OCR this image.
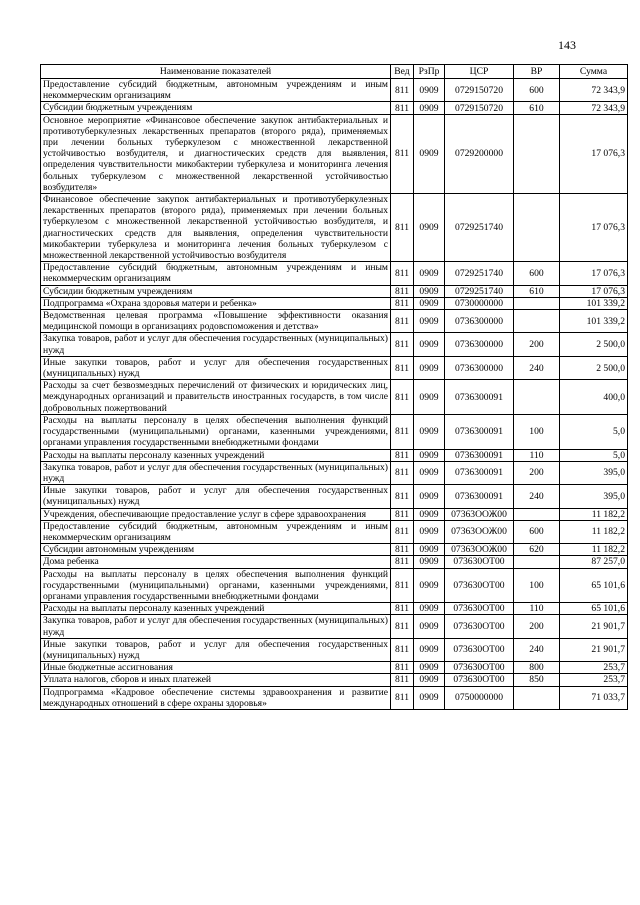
143
Наименование показателей	Вед	РзПр	ЦСР	ВР	Сумма
Предоставление субсидий бюджетным, автономным учреждениям и иным некоммерческим организациям	811	0909	0729150720	600	72 343,9
Субсидии бюджетным учреждениям	811	0909	0729150720	610	72 343,9
Основное мероприятие «Финансовое обеспечение закупок антибактериальных и противотуберкулезных лекарственных препаратов (второго ряда), применяемых при лечении больных туберкулезом с множественной лекарственной устойчивостью возбудителя, и диагностических средств для выявления, определения чувствительности микобактерии туберкулеза и мониторинга лечения больных туберкулезом с множественной лекарственной устойчивостью возбудителя»	811	0909	0729200000		17 076,3
Финансовое обеспечение закупок антибактериальных и противотуберкулезных лекарственных препаратов (второго ряда), применяемых при лечении больных туберкулезом с множественной лекарственной устойчивостью возбудителя, и диагностических средств для выявления, определения чувствительности микобактерии туберкулеза и мониторинга лечения больных туберкулезом с множественной лекарственной устойчивостью возбудителя	811	0909	0729251740		17 076,3
Предоставление субсидий бюджетным, автономным учреждениям и иным некоммерческим организациям	811	0909	0729251740	600	17 076,3
Субсидии бюджетным учреждениям	811	0909	0729251740	610	17 076,3
Подпрограмма «Охрана здоровья матери и ребенка»	811	0909	0730000000		101 339,2
Ведомственная целевая программа «Повышение эффективности оказания медицинской помощи в организациях родовспоможения и детства»	811	0909	0736300000		101 339,2
Закупка товаров, работ и услуг для обеспечения государственных (муниципальных) нужд	811	0909	0736300000	200	2 500,0
Иные закупки товаров, работ и услуг для обеспечения государственных (муниципальных) нужд	811	0909	0736300000	240	2 500,0
Расходы за счет безвозмездных перечислений от физических и юридических лиц, международных организаций и правительств иностранных государств, в том числе добровольных пожертвований	811	0909	0736300091		400,0
Расходы на выплаты персоналу в целях обеспечения выполнения функций государственными (муниципальными) органами, казенными учреждениями, органами управления государственными внебюджетными фондами	811	0909	0736300091	100	5,0
Расходы на выплаты персоналу казенных учреждений	811	0909	0736300091	110	5,0
Закупка товаров, работ и услуг для обеспечения государственных (муниципальных) нужд	811	0909	0736300091	200	395,0
Иные закупки товаров, работ и услуг для обеспечения государственных (муниципальных) нужд	811	0909	0736300091	240	395,0
Учреждения, обеспечивающие предоставление услуг в сфере здравоохранения	811	0909	07363ООЖ00		11 182,2
Предоставление субсидий бюджетным, автономным учреждениям и иным некоммерческим организациям	811	0909	07363ООЖ00	600	11 182,2
Субсидии автономным учреждениям	811	0909	07363ООЖ00	620	11 182,2
Дома ребенка	811	0909	073630ОТ00		87 257,0
Расходы на выплаты персоналу в целях обеспечения выполнения функций государственными (муниципальными) органами, казенными учреждениями, органами управления государственными внебюджетными фондами	811	0909	073630ОТ00	100	65 101,6
Расходы на выплаты персоналу казенных учреждений	811	0909	073630ОТ00	110	65 101,6
Закупка товаров, работ и услуг для обеспечения государственных (муниципальных) нужд	811	0909	073630ОТ00	200	21 901,7
Иные закупки товаров, работ и услуг для обеспечения государственных (муниципальных) нужд	811	0909	073630ОТ00	240	21 901,7
Иные бюджетные ассигнования	811	0909	073630ОТ00	800	253,7
Уплата налогов, сборов и иных платежей	811	0909	073630ОТ00	850	253,7
Подпрограмма «Кадровое обеспечение системы здравоохранения и развитие международных отношений в сфере охраны здоровья»	811	0909	0750000000		71 033,7
